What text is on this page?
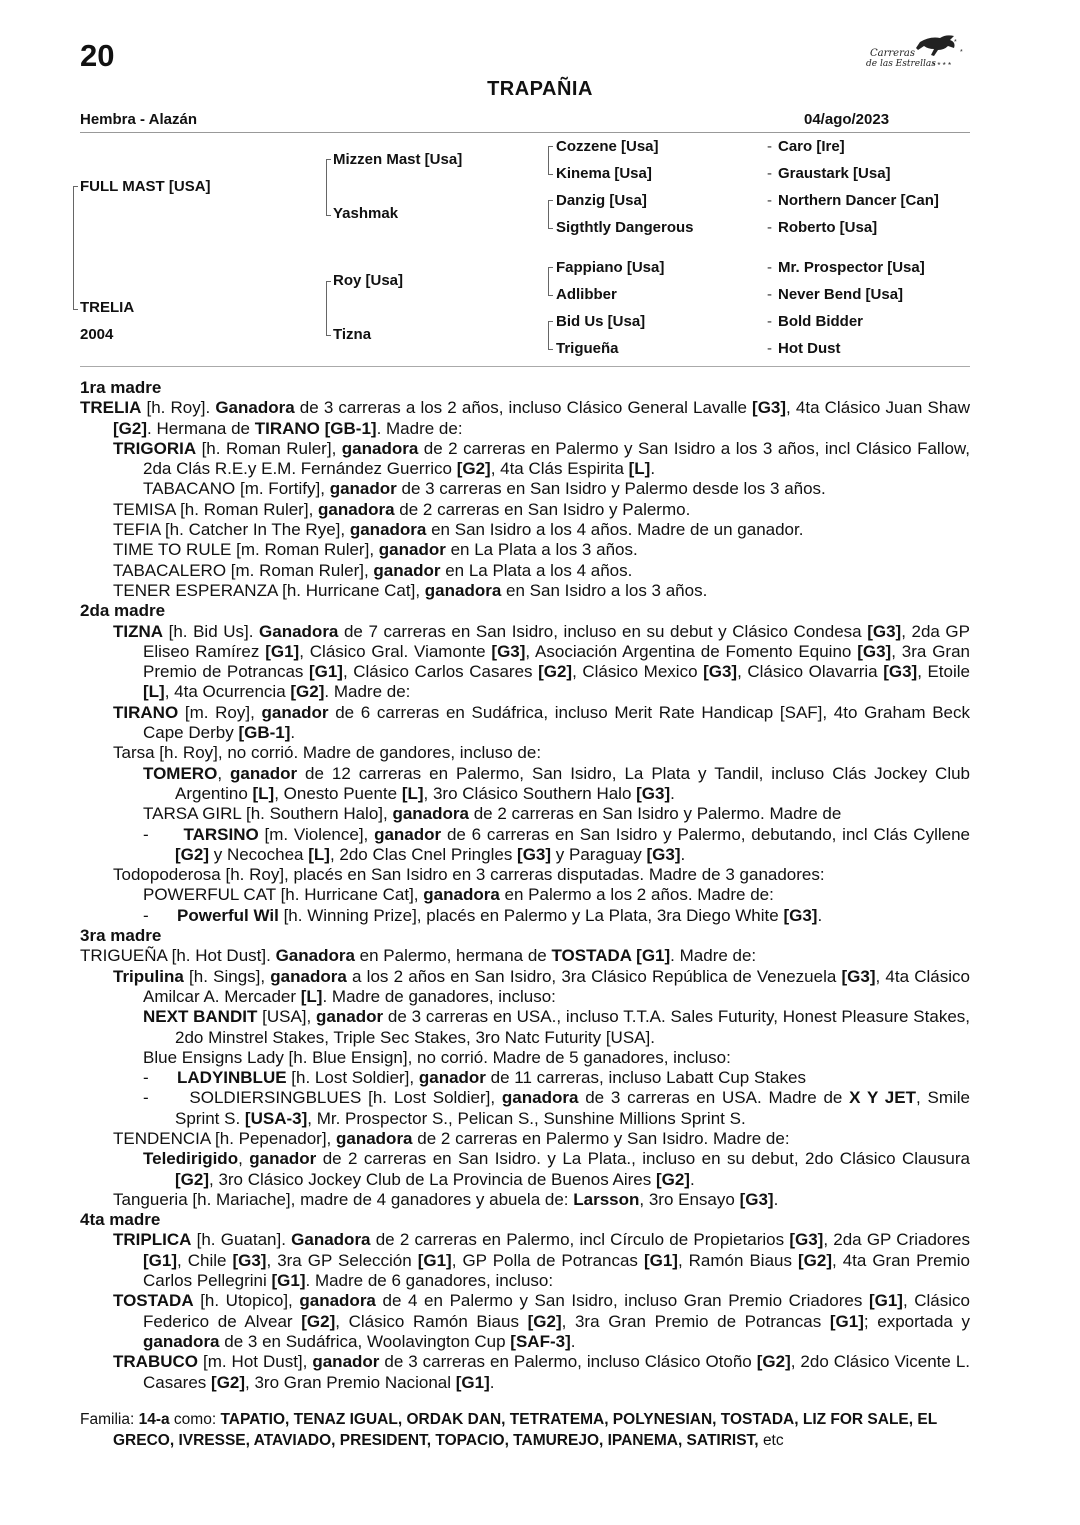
20	Carreras
de las Estrellas
* * * *
*
*
TRAPAÑIA
Hembra - Alazán	04/ago/2023
FULL MAST [USA]
TRELIA
2004
Mizzen Mast [Usa]
Yashmak
Roy [Usa]
Tizna
Cozzene [Usa]
Kinema [Usa]
Danzig [Usa]
Sigthtly Dangerous
Fappiano [Usa]
Adlibber
Bid Us [Usa]
Trigueña
-
-
-
-
-
-
-
-
Caro [Ire]
Graustark [Usa]
Northern Dancer [Can]
Roberto [Usa]
Mr. Prospector [Usa]
Never Bend [Usa]
Bold Bidder
Hot Dust

1ra madre

TRELIA [h. Roy]. Ganadora de 3 carreras a los 2 años, incluso Clásico General Lavalle [G3], 4ta Clásico Juan Shaw [G2]. Hermana de TIRANO [GB-1]. Madre de:

TRIGORIA [h. Roman Ruler], ganadora de 2 carreras en Palermo y San Isidro a los 3 años, incl Clásico Fallow, 2da Clás R.E.y E.M. Fernández Guerrico [G2], 4ta Clás Espirita [L].

TABACANO [m. Fortify], ganador de 3 carreras en San Isidro y Palermo desde los 3 años.

TEMISA [h. Roman Ruler], ganadora de 2 carreras en San Isidro y Palermo.

TEFIA [h. Catcher In The Rye], ganadora en San Isidro a los 4 años. Madre de un ganador.

TIME TO RULE [m. Roman Ruler], ganador en La Plata a los 3 años.

TABACALERO [m. Roman Ruler], ganador en La Plata a los 4 años.

TENER ESPERANZA [h. Hurricane Cat], ganadora en San Isidro a los 3 años.

2da madre

TIZNA [h. Bid Us]. Ganadora de 7 carreras en San Isidro, incluso en su debut y Clásico Condesa [G3], 2da GP Eliseo Ramírez [G1], Clásico Gral. Viamonte [G3], Asociación Argentina de Fomento Equino [G3], 3ra Gran Premio de Potrancas [G1], Clásico Carlos Casares [G2], Clásico Mexico [G3], Clásico Olavarria [G3], Etoile [L], 4ta Ocurrencia [G2]. Madre de:

TIRANO [m. Roy], ganador de 6 carreras en Sudáfrica, incluso Merit Rate Handicap [SAF], 4to Graham Beck Cape Derby [GB-1].

Tarsa [h. Roy], no corrió. Madre de gandores, incluso de:

TOMERO, ganador de 12 carreras en Palermo, San Isidro, La Plata y Tandil, incluso Clás Jockey Club Argentino [L], Onesto Puente [L], 3ro Clásico Southern Halo [G3].

TARSA GIRL [h. Southern Halo], ganadora de 2 carreras en San Isidro y Palermo. Madre de

-      TARSINO [m. Violence], ganador de 6 carreras en San Isidro y Palermo, debutando, incl Clás Cyllene [G2] y Necochea [L], 2do Clas Cnel Pringles [G3] y Paraguay [G3].

Todopoderosa [h. Roy], placés en San Isidro en 3 carreras disputadas. Madre de 3 ganadores:

POWERFUL CAT [h. Hurricane Cat], ganadora en Palermo a los 2 años. Madre de:

-      Powerful Wil [h. Winning Prize], placés en Palermo y La Plata, 3ra Diego White [G3].

3ra madre

TRIGUEÑA [h. Hot Dust]. Ganadora en Palermo, hermana de TOSTADA [G1]. Madre de:

Tripulina [h. Sings], ganadora a los 2 años en San Isidro, 3ra Clásico República de Venezuela [G3], 4ta Clásico Amilcar A. Mercader [L]. Madre de ganadores, incluso:

NEXT BANDIT [USA], ganador de 3 carreras en USA., incluso T.T.A. Sales Futurity, Honest Pleasure Stakes, 2do Minstrel Stakes, Triple Sec Stakes, 3ro Natc Futurity [USA].

Blue Ensigns Lady [h. Blue Ensign], no corrió. Madre de 5 ganadores, incluso:

-      LADYINBLUE [h. Lost Soldier], ganador de 11 carreras, incluso Labatt Cup Stakes

-      SOLDIERSINGBLUES [h. Lost Soldier], ganadora de 3 carreras en USA. Madre de X Y JET, Smile Sprint S. [USA-3], Mr. Prospector S., Pelican S., Sunshine Millions Sprint S.

TENDENCIA [h. Pepenador], ganadora de 2 carreras en Palermo y San Isidro. Madre de:

Teledirigido, ganador de 2 carreras en San Isidro. y La Plata., incluso en su debut, 2do Clásico Clausura [G2], 3ro Clásico Jockey Club de La Provincia de Buenos Aires [G2].

Tangueria [h. Mariache], madre de 4 ganadores y abuela de: Larsson, 3ro Ensayo [G3].

4ta madre

TRIPLICA [h. Guatan]. Ganadora de 2 carreras en Palermo, incl Círculo de Propietarios [G3], 2da GP Criadores [G1], Chile [G3], 3ra GP Selección [G1], GP Polla de Potrancas [G1], Ramón Biaus [G2], 4ta Gran Premio Carlos Pellegrini [G1]. Madre de 6 ganadores, incluso:

TOSTADA [h. Utopico], ganadora de 4 en Palermo y San Isidro, incluso Gran Premio Criadores [G1], Clásico Federico de Alvear [G2], Clásico Ramón Biaus [G2], 3ra Gran Premio de Potrancas [G1]; exportada y ganadora de 3 en Sudáfrica, Woolavington Cup [SAF-3].

TRABUCO [m. Hot Dust], ganador de 3 carreras en Palermo, incluso Clásico Otoño [G2], 2do Clásico Vicente L. Casares [G2], 3ro Gran Premio Nacional [G1].

Familia: 14-a como: TAPATIO, TENAZ IGUAL, ORDAK DAN, TETRATEMA, POLYNESIAN, TOSTADA, LIZ FOR SALE, EL GRECO, IVRESSE, ATAVIADO, PRESIDENT, TOPACIO, TAMUREJO, IPANEMA, SATIRIST, etc
